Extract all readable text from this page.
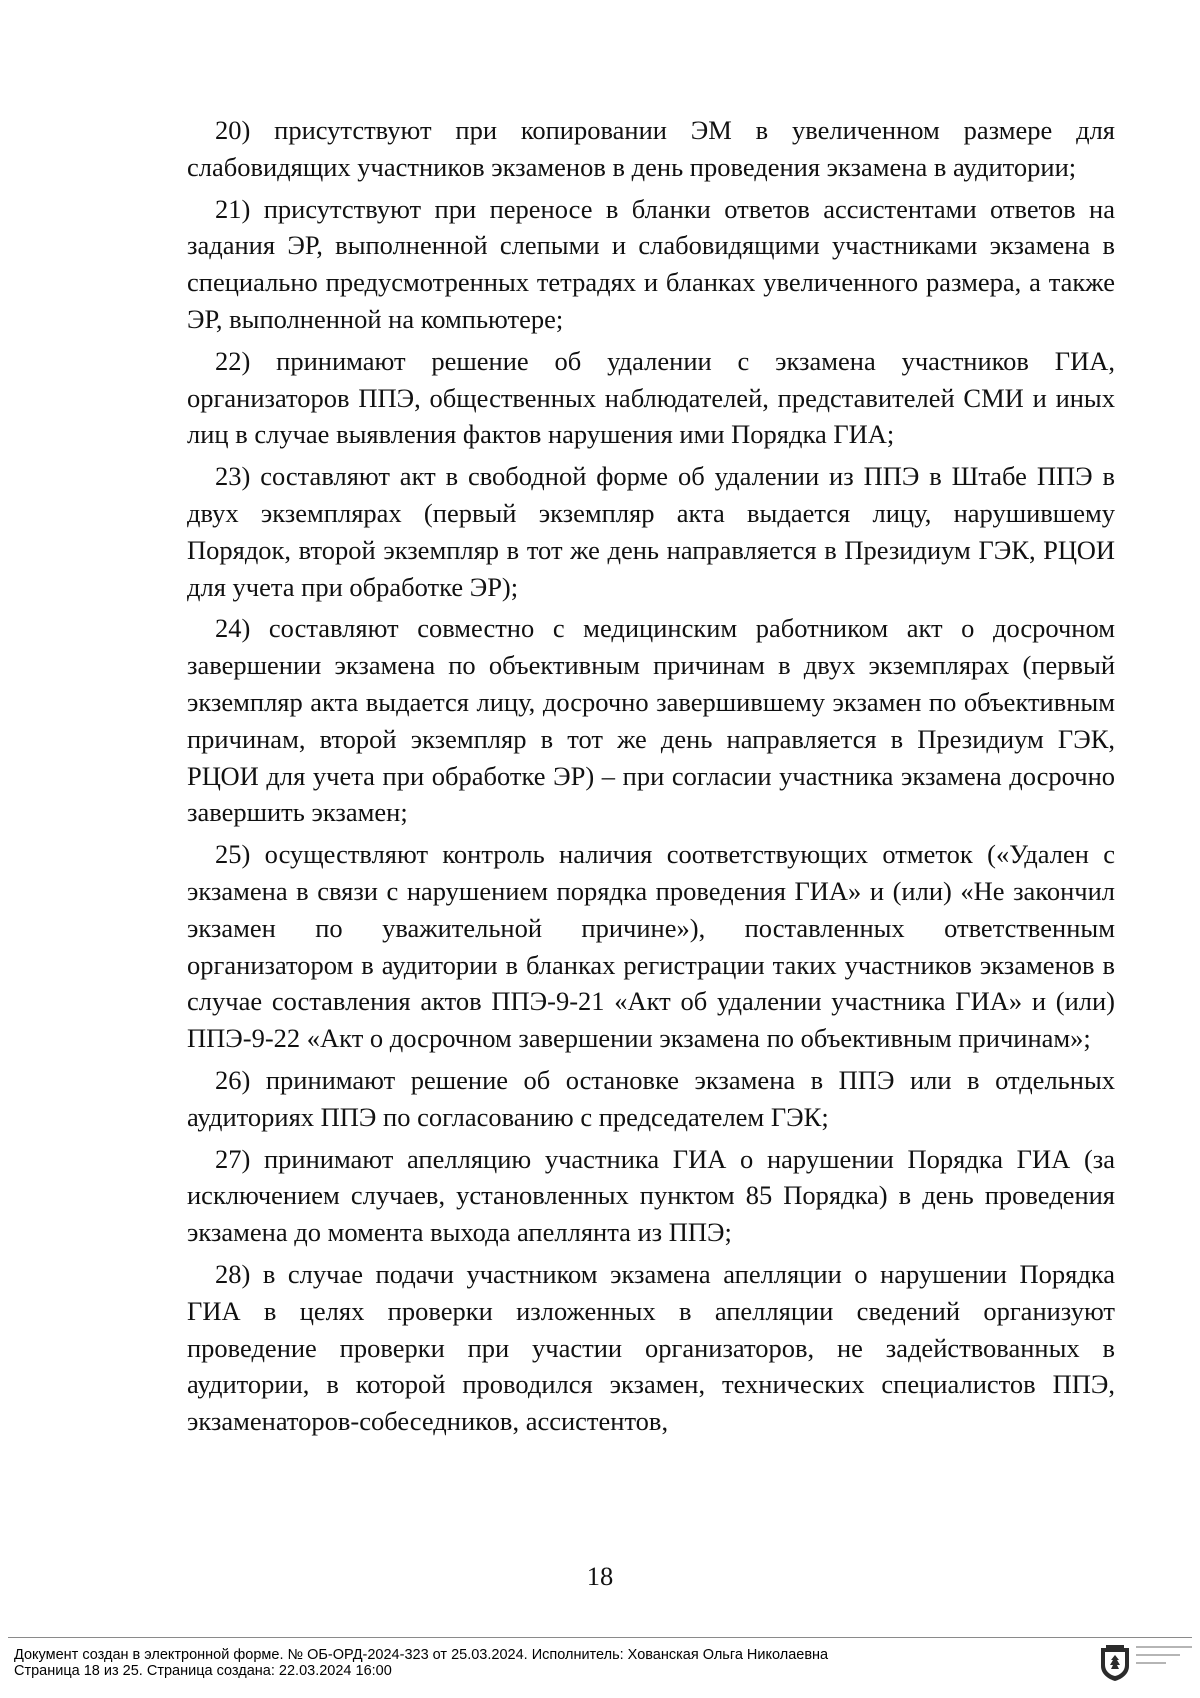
20) присутствуют при копировании ЭМ в увеличенном размере для слабовидящих участников экзаменов в день проведения экзамена в аудитории;

21) присутствуют при переносе в бланки ответов ассистентами ответов на задания ЭР, выполненной слепыми и слабовидящими участниками экзамена в специально предусмотренных тетрадях и бланках увеличенного размера, а также ЭР, выполненной на компьютере;

22) принимают решение об удалении с экзамена участников ГИА, организаторов ППЭ, общественных наблюдателей, представителей СМИ и иных лиц в случае выявления фактов нарушения ими Порядка ГИА;

23) составляют акт в свободной форме об удалении из ППЭ в Штабе ППЭ в двух экземплярах (первый экземпляр акта выдается лицу, нарушившему Порядок, второй экземпляр в тот же день направляется в Президиум ГЭК, РЦОИ для учета при обработке ЭР);

24) составляют совместно с медицинским работником акт о досрочном завершении экзамена по объективным причинам в двух экземплярах (первый экземпляр акта выдается лицу, досрочно завершившему экзамен по объективным причинам, второй экземпляр в тот же день направляется в Президиум ГЭК, РЦОИ для учета при обработке ЭР) – при согласии участника экзамена досрочно завершить экзамен;

25) осуществляют контроль наличия соответствующих отметок («Удален с экзамена в связи с нарушением порядка проведения ГИА» и (или) «Не закончил экзамен по уважительной причине»), поставленных ответственным организатором в аудитории в бланках регистрации таких участников экзаменов в случае составления актов ППЭ-9-21 «Акт об удалении участника ГИА» и (или) ППЭ-9-22 «Акт о досрочном завершении экзамена по объективным причинам»;

26) принимают решение об остановке экзамена в ППЭ или в отдельных аудиториях ППЭ по согласованию с председателем ГЭК;

27) принимают апелляцию участника ГИА о нарушении Порядка ГИА (за исключением случаев, установленных пунктом 85 Порядка) в день проведения экзамена до момента выхода апеллянта из ППЭ;

28) в случае подачи участником экзамена апелляции о нарушении Порядка ГИА в целях проверки изложенных в апелляции сведений организуют проведение проверки при участии организаторов, не задействованных в аудитории, в которой проводился экзамен, технических специалистов ППЭ, экзаменаторов-собеседников, ассистентов,

18
Документ создан в электронной форме. № ОБ-ОРД-2024-323 от 25.03.2024. Исполнитель: Хованская Ольга Николаевна
Страница 18 из 25. Страница создана: 22.03.2024 16:00
